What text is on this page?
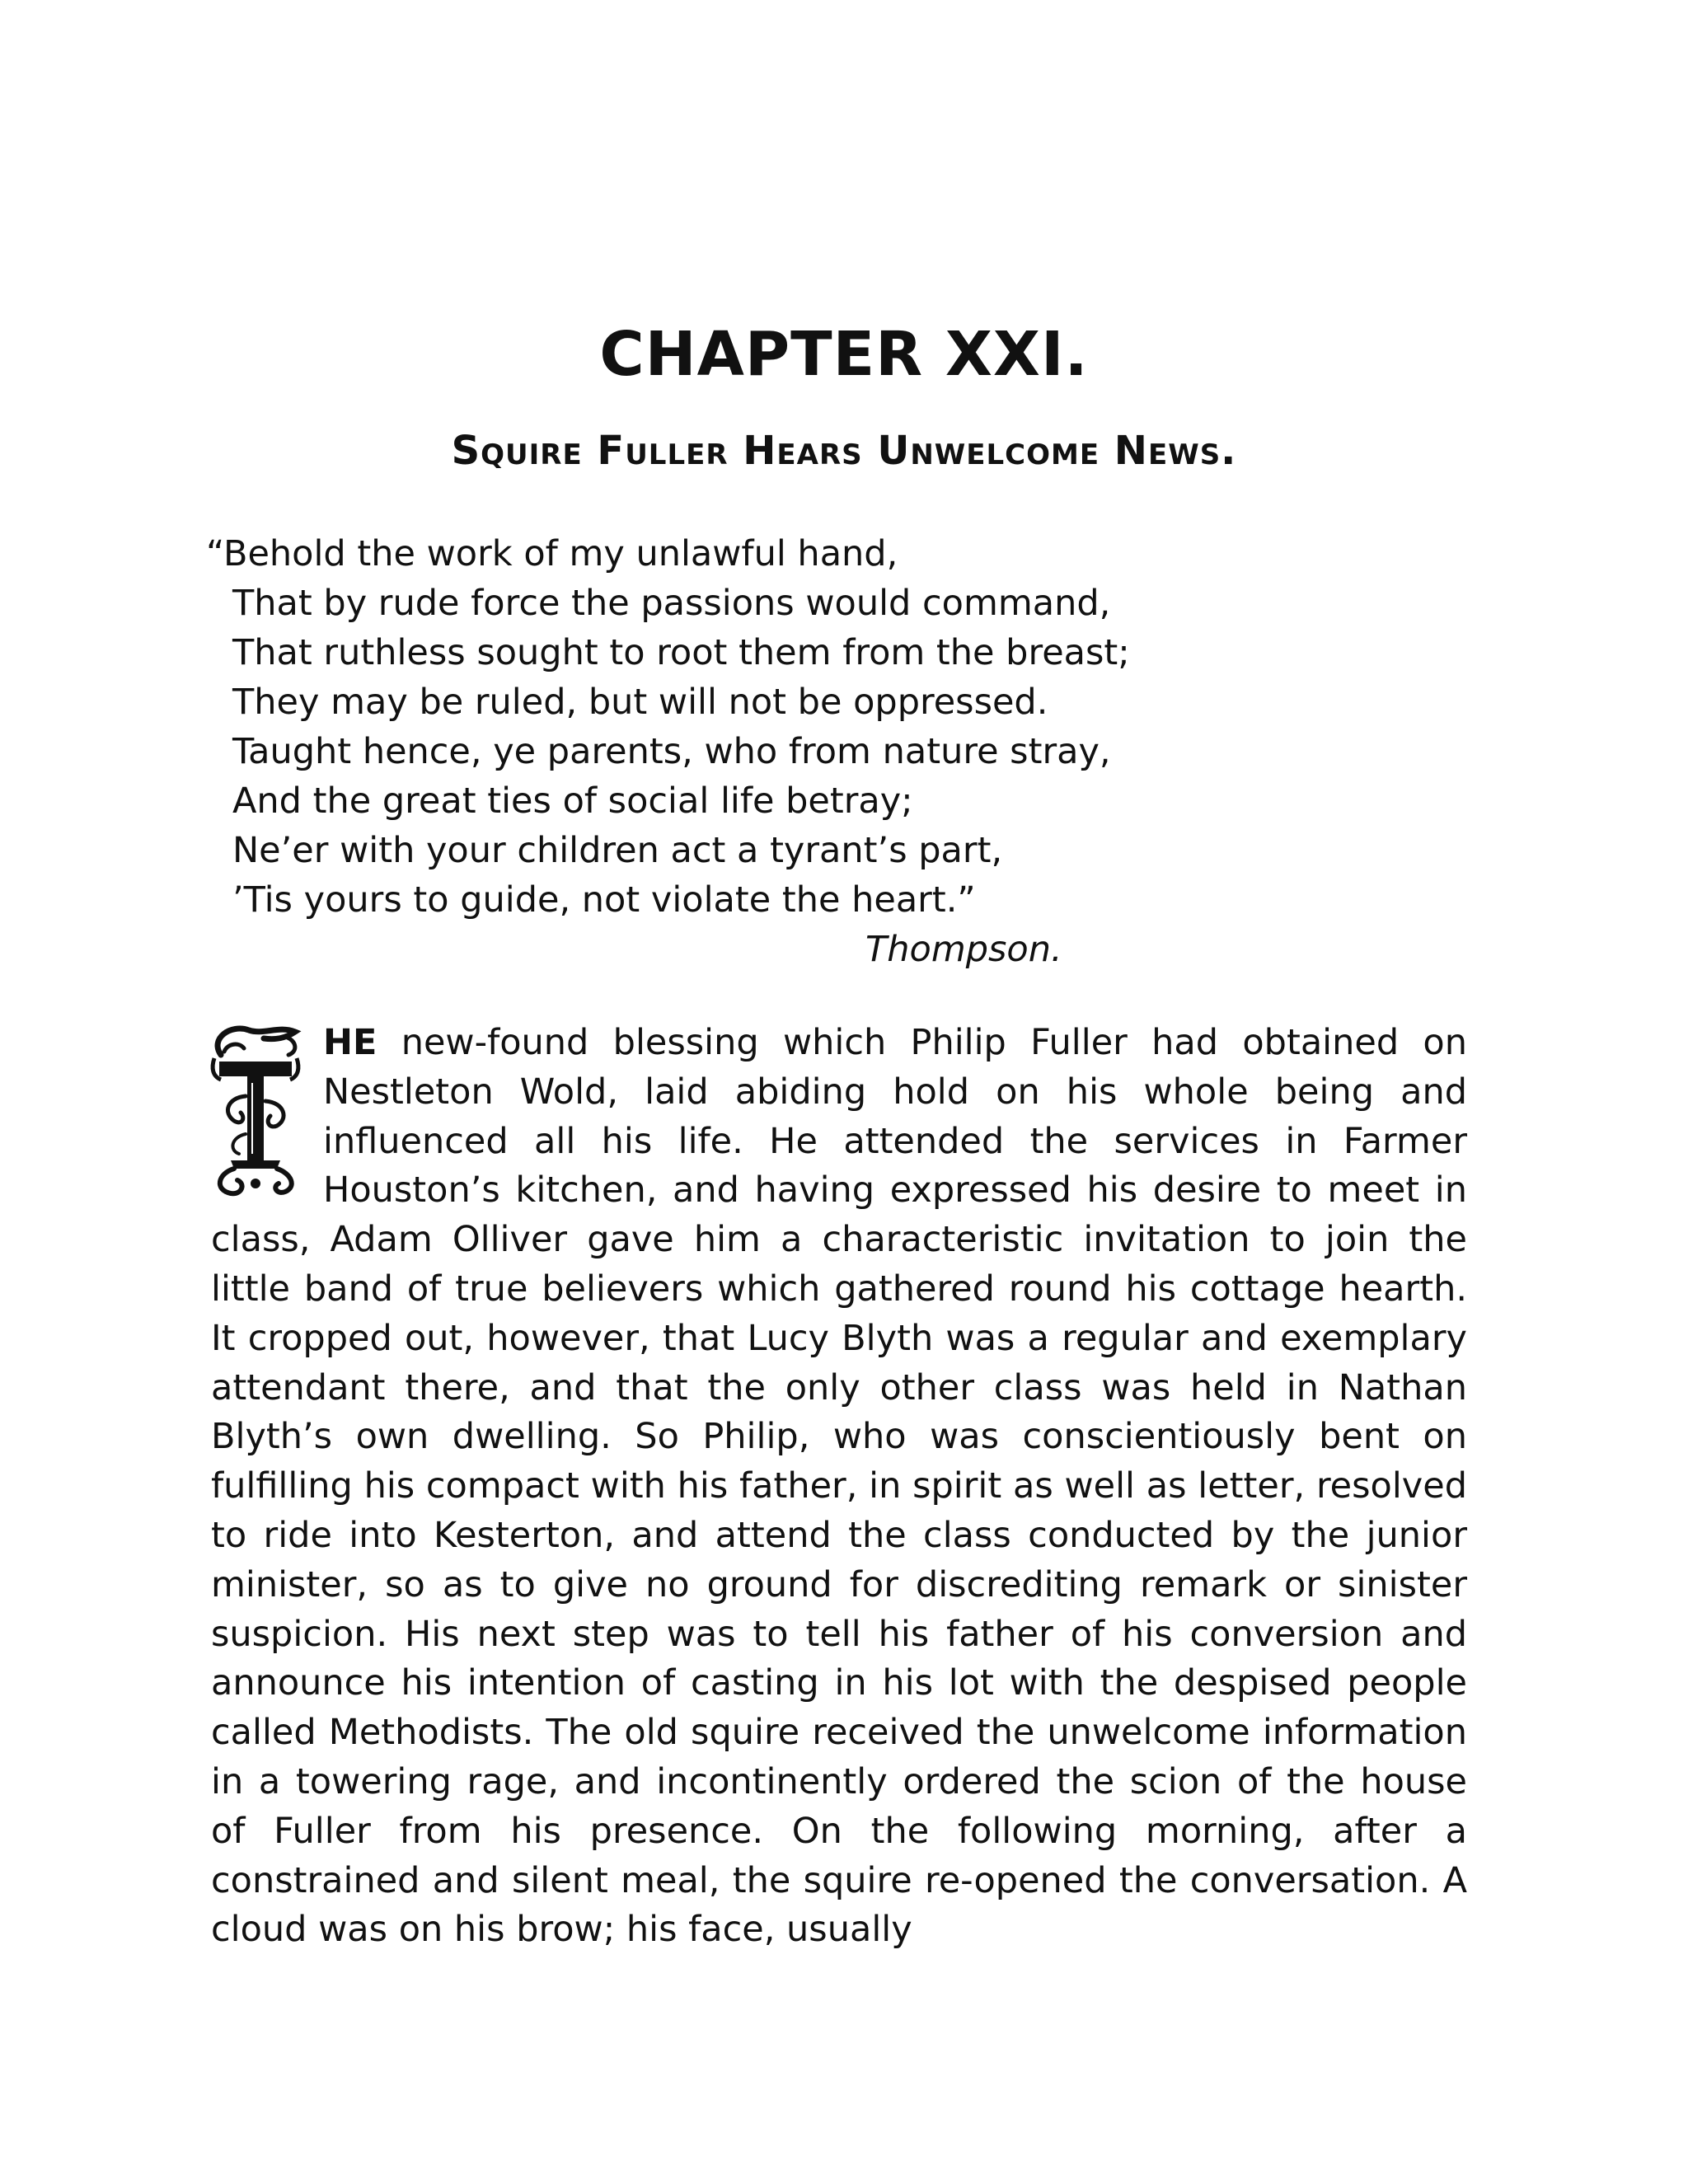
CHAPTER XXI.
Squire Fuller Hears Unwelcome News.
“Behold the work of my unlawful hand,
That by rude force the passions would command,
That ruthless sought to root them from the breast;
They may be ruled, but will not be oppressed.
Taught hence, ye parents, who from nature stray,
And the great ties of social life betray;
Ne’er with your children act a tyrant’s part,
’Tis yours to guide, not violate the heart.”
Thompson.
HE new-found blessing which Philip Fuller had obtained on Nestleton Wold, laid abiding hold on his whole being and influenced all his life. He attended the services in Farmer Houston’s kitchen, and having expressed his desire to meet in class, Adam Olliver gave him a characteristic invitation to join the little band of true believers which gathered round his cottage hearth. It cropped out, however, that Lucy Blyth was a regular and exemplary attendant there, and that the only other class was held in Nathan Blyth’s own dwelling. So Philip, who was conscientiously bent on fulfilling his compact with his father, in spirit as well as letter, resolved to ride into Kesterton, and attend the class conducted by the junior minister, so as to give no ground for discrediting remark or sinister suspicion. His next step was to tell his father of his conversion and announce his intention of casting in his lot with the despised people called Methodists. The old squire received the unwelcome information in a towering rage, and incontinently ordered the scion of the house of Fuller from his presence. On the following morning, after a constrained and silent meal, the squire re-opened the conversation. A cloud was on his brow; his face, usually
